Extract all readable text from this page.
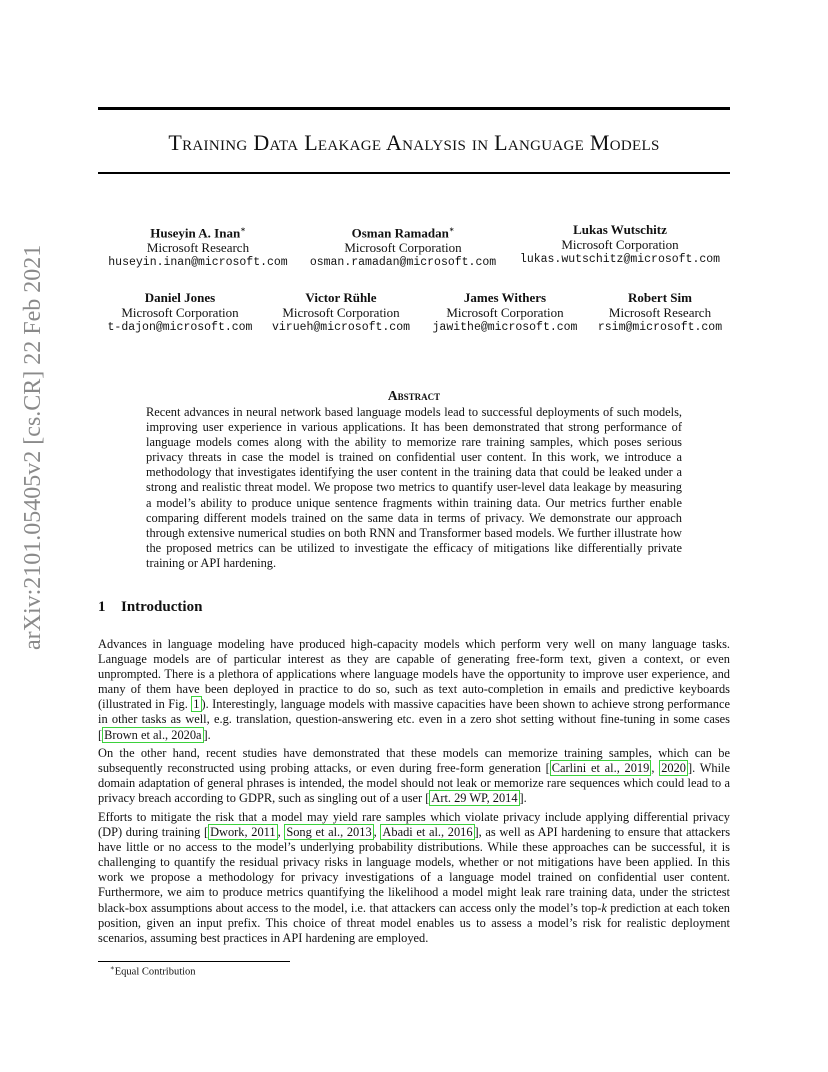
arXiv:2101.05405v2 [cs.CR] 22 Feb 2021
Training Data Leakage Analysis in Language Models
Huseyin A. Inan∗
Microsoft Research
huseyin.inan@microsoft.com
Osman Ramadan∗
Microsoft Corporation
osman.ramadan@microsoft.com
Lukas Wutschitz
Microsoft Corporation
lukas.wutschitz@microsoft.com
Daniel Jones
Microsoft Corporation
t-dajon@microsoft.com
Victor Rühle
Microsoft Corporation
virueh@microsoft.com
James Withers
Microsoft Corporation
jawithe@microsoft.com
Robert Sim
Microsoft Research
rsim@microsoft.com
Abstract
Recent advances in neural network based language models lead to successful deployments of such models, improving user experience in various applications. It has been demonstrated that strong performance of language models comes along with the ability to memorize rare training samples, which poses serious privacy threats in case the model is trained on confidential user content. In this work, we introduce a methodology that investigates identifying the user content in the training data that could be leaked under a strong and realistic threat model. We propose two metrics to quantify user-level data leakage by measuring a model’s ability to produce unique sentence fragments within training data. Our metrics further enable comparing different models trained on the same data in terms of privacy. We demonstrate our approach through extensive numerical studies on both RNN and Transformer based models. We further illustrate how the proposed metrics can be utilized to investigate the efficacy of mitigations like differentially private training or API hardening.
1 Introduction

Advances in language modeling have produced high-capacity models which perform very well on many language tasks. Language models are of particular interest as they are capable of generating free-form text, given a context, or even unprompted. There is a plethora of applications where language models have the opportunity to improve user experience, and many of them have been deployed in practice to do so, such as text auto-completion in emails and predictive keyboards (illustrated in Fig. 1 ). Interestingly, language models with massive capacities have been shown to achieve strong performance in other tasks as well, e.g. translation, question-answering etc. even in a zero shot setting without fine-tuning in some cases [ Brown et al., 2020a ].

On the other hand, recent studies have demonstrated that these models can memorize training samples, which can be subsequently reconstructed using probing attacks, or even during free-form generation [ Carlini et al., 2019 , 2020 ]. While domain adaptation of general phrases is intended, the model should not leak or memorize rare sequences which could lead to a privacy breach according to GDPR, such as singling out of a user [ Art. 29 WP, 2014 ].

Efforts to mitigate the risk that a model may yield rare samples which violate privacy include applying differential privacy (DP) during training [ Dwork, 2011 , Song et al., 2013 , Abadi et al., 2016 ], as well as API hardening to ensure that attackers have little or no access to the model’s underlying probability distributions. While these approaches can be successful, it is challenging to quantify the residual privacy risks in language models, whether or not mitigations have been applied. In this work we propose a methodology for privacy investigations of a language model trained on confidential user content. Furthermore, we aim to produce metrics quantifying the likelihood a model might leak rare training data, under the strictest black-box assumptions about access to the model, i.e. that attackers can access only the model’s top-k prediction at each token position, given an input prefix. This choice of threat model enables us to assess a model’s risk for realistic deployment scenarios, assuming best practices in API hardening are employed.

∗Equal Contribution
